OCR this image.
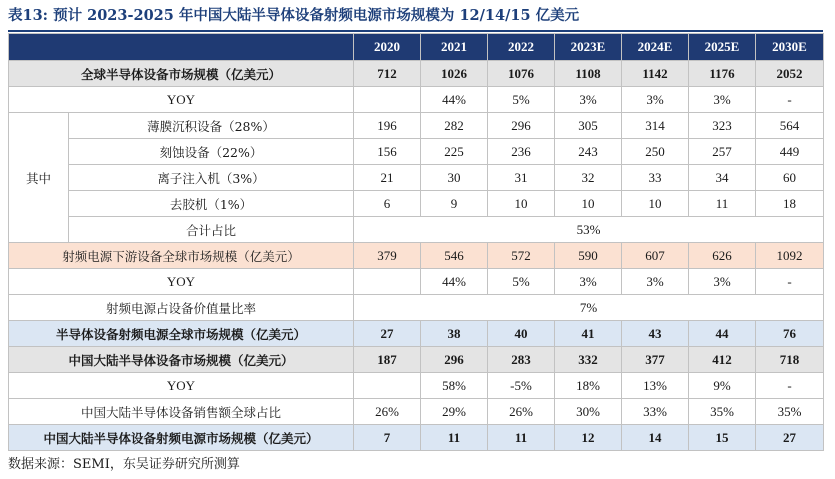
表13: 预计 2023-2025 年中国大陆半导体设备射频电源市场规模为 12/14/15 亿美元
		2020	2021	2022	2023E	2024E	2025E	2030E
全球半导体设备市场规模（亿美元）		712	1026	1076	1108	1142	1176	2052
YOY			44%	5%	3%	3%	3%	-
其中	薄膜沉积设备（28%）	196	282	296	305	314	323	564
	刻蚀设备（22%）	156	225	236	243	250	257	449
	离子注入机（3%）	21	30	31	32	33	34	60
	去胶机（1%）	6	9	10	10	10	11	18
	合计占比	53%						
射频电源下游设备全球市场规模（亿美元）		379	546	572	590	607	626	1092
YOY			44%	5%	3%	3%	3%	-
射频电源占设备价值量比率		7%						
半导体设备射频电源全球市场规模（亿美元）		27	38	40	41	43	44	76
中国大陆半导体设备市场规模（亿美元）		187	296	283	332	377	412	718
YOY			58%	-5%	18%	13%	9%	-
中国大陆半导体设备销售额全球占比		26%	29%	26%	30%	33%	35%	35%
中国大陆半导体设备射频电源市场规模（亿美元）		7	11	11	12	14	15	27
数据来源：SEMI，东吴证券研究所测算
